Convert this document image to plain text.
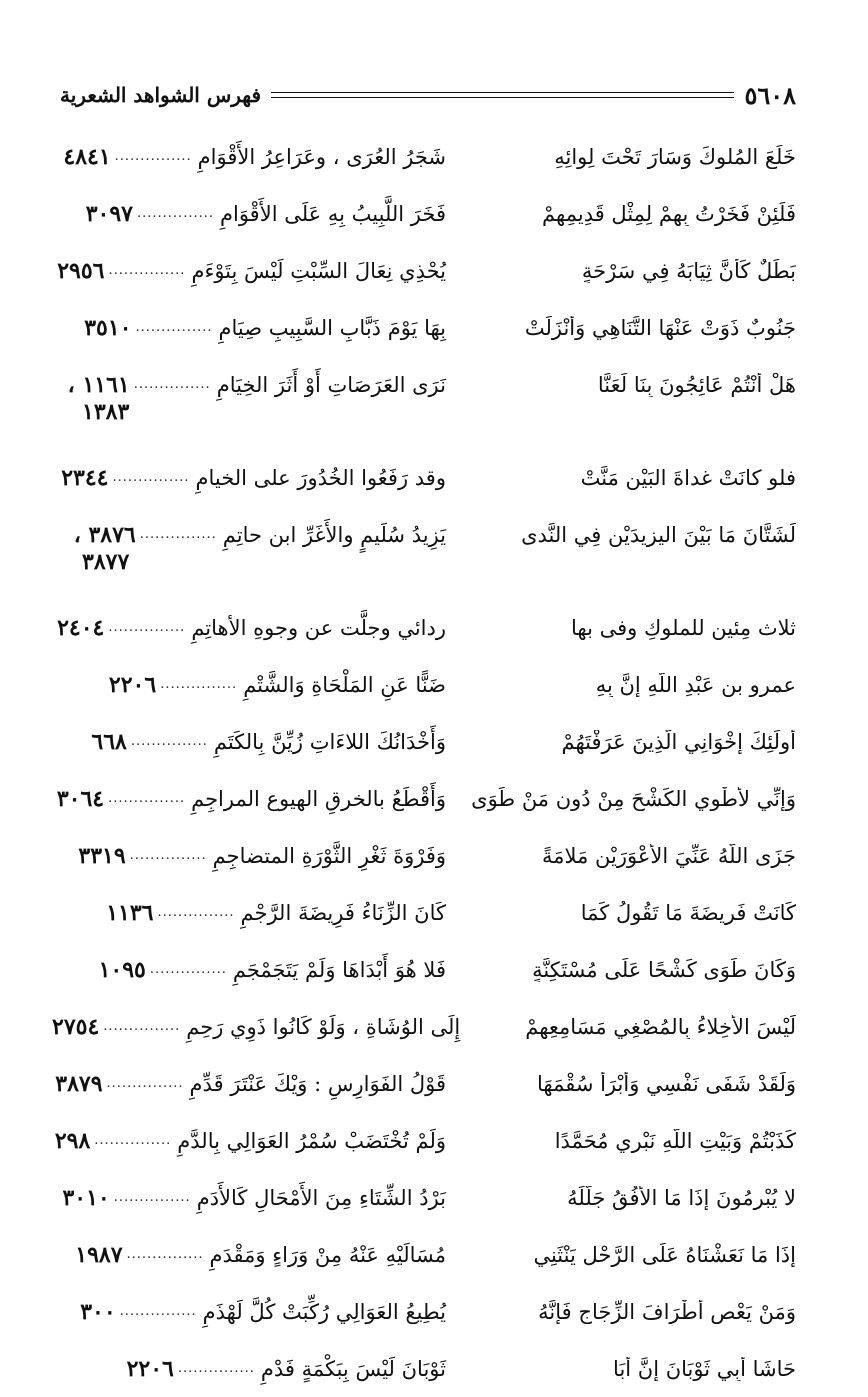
٥٦٠٨
فهرس الشواهد الشعرية
خَلَعَ المُلوكَ وَسَارَ تَحْتَ لِوائِهِ
شَجَرُ العُرَى ، وعَرَاعِرُ الأَقْوَامِ
...............
٤٨٤١
فَلَئِنْ فَخَرْتُ بِهِمْ لِمِثْلِ قَدِيمِهِمْ
فَخَرَ اللَّبِيبُ بِهِ عَلَى الأَقْوَامِ
...............
٣٠٩٧
بَطَلٌ كَأَنَّ ثِيَابَهُ فِي سَرْحَةٍ
يُحْذِي نِعَالَ السِّبْتِ لَيْسَ بِتَوْءَمِ
...............
٢٩٥٦
جَنُوبٌ ذَوَتْ عَنْهَا التَّنَاهِي وَأَنْزَلَتْ
بِهَا يَوْمَ ذَبَّابِ السَّبِيبِ صِيَامِ
...............
٣٥١٠
هَلْ أَنْتُمْ عَائِجُونَ بِنَا لَعَنَّا
نَرَى العَرَصَاتِ أَوْ أَثَرَ الخِيَامِ
...............
١١٦١ ،
١٣٨٣
فلو كانَتْ غداةَ البَيْنِ مَنَّتْ
وقد رَفَعُوا الخُدُورَ على الخيامِ
...............
٢٣٤٤
لَشَتَّانَ مَا بَيْنَ اليزِيدَيْنِ فِي النَّدى
يَزِيدُ سُلَيمٍ والأَغَرِّ ابن حاتِمِ
...............
٣٨٧٦ ،
٣٨٧٧
ثلاث مِئينٍ للملوكِ وفى بها
ردائي وجلَّت عن وجوهِ الأهاتِمِ
...............
٢٤٠٤
عمرو بن عَبْدِ اللَّهِ إِنَّ بِهِ
ضَنًّا عَنِ المَلْحَاةِ وَالشَّتْمِ
...............
٢٢٠٦
أُولَئِكَ إِخْوَانِي الَّذِينَ عَرَفْتَهُمْ
وَأَخْدَانُكَ اللاءَاتِ زُيِّنَّ بِالكَتَمِ
...............
٦٦٨
وَإِنِّي لأَطْوِي الكَشْحَ مِنْ دُونِ مَنْ طَوَى
وَأَقْطَعُ بالخرقِ الهيوع المراجِمِ
...............
٣٠٦٤
جَزَى اللَّهُ عَنِّيَ الأَعْوَرَيْنِ مَلامَةً
وَفَرْوَةَ ثَغْرِ الثَّوْرَةِ المتضاجِمِ
...............
٣٣١٩
كَانَتْ فَرِيضَةَ مَا تَقُولُ كَمَا
كَانَ الزِّنَاءُ فَرِيضَةَ الرَّجْمِ
...............
١١٣٦
وَكَانَ طَوَى كَشْحًا عَلَى مُسْتَكِنَّةٍ
فَلا هُوَ أَبْدَاهَا وَلَمْ يَتَجَمْجَمِ
...............
١٠٩٥
لَيْسَ الأَخِلاءُ بِالمُصْغِي مَسَامِعِهِمْ
إِلَى الوُشَاةِ ، وَلَوْ كَانُوا ذَوِي رَحِمِ
...............
٢٧٥٤
وَلَقَدْ شَفَى نَفْسِي وَأَبْرَأَ سُقْمَهَا
قَوْلُ الفَوَارِسِ : وَيْكَ عَنْتَرَ قَدِّمِ
...............
٣٨٧٩
كَذَبْتُمْ وَبَيْتِ اللَّهِ نَبْرِي مُحَمَّدًا
وَلَمْ تُخْتَضَبْ سُمْرُ العَوَالِي بِالدَّمِ
...............
٢٩٨
لا يُبْرِمُونَ إِذَا مَا الأُفُقُ جَلَّلَهُ
بَرْدُ الشِّتَاءِ مِنَ الأَمْحَالِ كَالأَدَمِ
...............
٣٠١٠
إِذَا مَا نَعَشْنَاهُ عَلَى الرَّحْلِ يَنْثَنِي
مُسَالَيْهِ عَنْهُ مِنْ وَرَاءٍ وَمَقْدَمِ
...............
١٩٨٧
وَمَنْ يَعْصِ أَطْرَافَ الزِّجَاجِ فَإِنَّهُ
يُطِيعُ العَوَالِي رُكِّبَتْ كُلَّ لَهْذَمِ
...............
٣٠٠
حَاشَا أَبِي ثَوْبَانَ إِنَّ أَبَا
ثَوْبَانَ لَيْسَ بِبَكْمَةٍ فَدْمِ
...............
٢٢٠٦
